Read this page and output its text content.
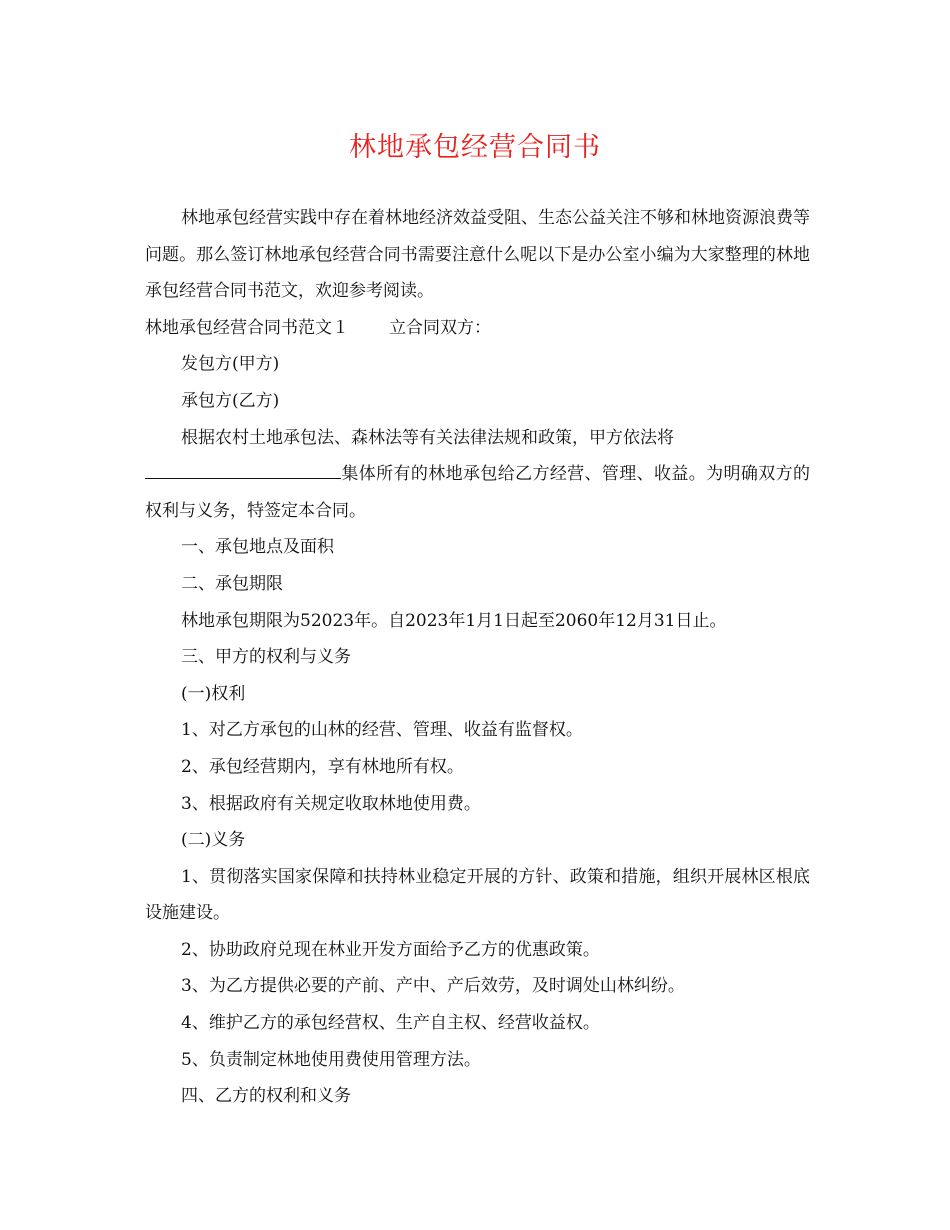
林地承包经营合同书

林地承包经营实践中存在着林地经济效益受阻、生态公益关注不够和林地资源浪费等问题。那么签订林地承包经营合同书需要注意什么呢以下是办公室小编为大家整理的林地承包经营合同书范文，欢迎参考阅读。

林地承包经营合同书范文１ 立合同双方：

发包方(甲方)

承包方(乙方)

根据农村土地承包法、森林法等有关法律法规和政策，甲方依法将

集体所有的林地承包给乙方经营、管理、收益。为明确双方的权利与义务，特签定本合同。

一、承包地点及面积

二、承包期限

林地承包期限为52023年。自2023年1月1日起至2060年12月31日止。

三、甲方的权利与义务

(一)权利

1、对乙方承包的山林的经营、管理、收益有监督权。

2、承包经营期内，享有林地所有权。

3、根据政府有关规定收取林地使用费。

(二)义务

1、贯彻落实国家保障和扶持林业稳定开展的方针、政策和措施，组织开展林区根底设施建设。

2、协助政府兑现在林业开发方面给予乙方的优惠政策。

3、为乙方提供必要的产前、产中、产后效劳，及时调处山林纠纷。

4、维护乙方的承包经营权、生产自主权、经营收益权。

5、负责制定林地使用费使用管理方法。

四、乙方的权利和义务
